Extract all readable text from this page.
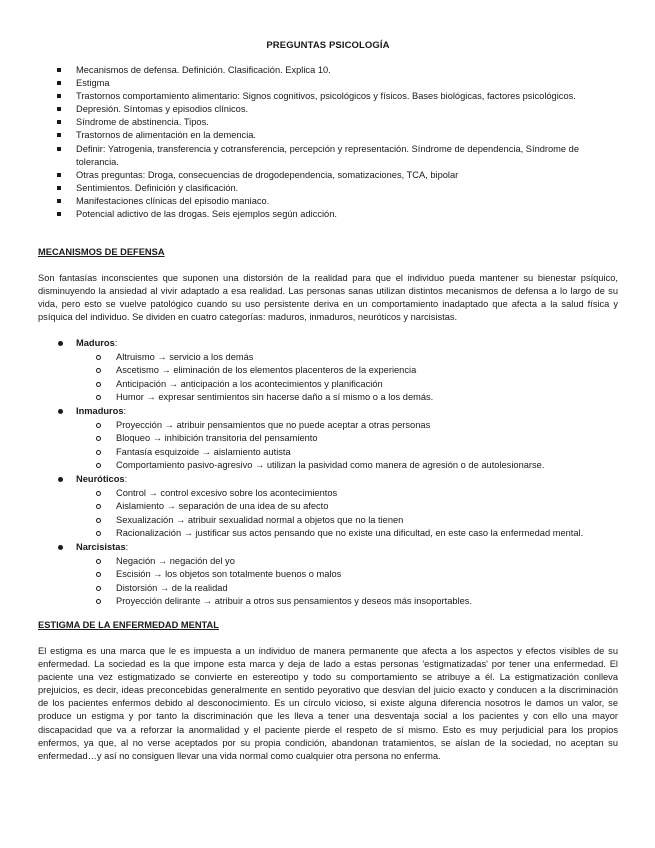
PREGUNTAS PSICOLOGÍA
Mecanismos de defensa. Definición. Clasificación. Explica 10.
Estigma
Trastornos comportamiento alimentario: Signos cognitivos, psicológicos y físicos. Bases biológicas, factores psicológicos.
Depresión. Síntomas y episodios clínicos.
Síndrome de abstinencia. Tipos.
Trastornos de alimentación en la demencia.
Definir: Yatrogenia, transferencia y cotransferencia, percepción y representación. Síndrome de dependencia, Síndrome de tolerancia.
Otras preguntas: Droga, consecuencias de drogodependencia, somatizaciones, TCA, bipolar
Sentimientos. Definición y clasificación.
Manifestaciones clínicas del episodio maniaco.
Potencial adictivo de las drogas. Seis ejemplos según adicción.
MECANISMOS DE DEFENSA
Son fantasías inconscientes que suponen una distorsión de la realidad para que el individuo pueda mantener su bienestar psíquico, disminuyendo la ansiedad al vivir adaptado a esa realidad. Las personas sanas utilizan distintos mecanismos de defensa a lo largo de su vida, pero esto se vuelve patológico cuando su uso persistente deriva en un comportamiento inadaptado que afecta a la salud física y psíquica del individuo. Se dividen en cuatro categorías: maduros, inmaduros, neuróticos y narcisistas.
Maduros:
Altruismo → servicio a los demás
Ascetismo → eliminación de los elementos placenteros de la experiencia
Anticipación → anticipación a los acontecimientos y planificación
Humor → expresar sentimientos sin hacerse daño a sí mismo o a los demás.
Inmaduros:
Proyección → atribuir pensamientos que no puede aceptar a otras personas
Bloqueo → inhibición transitoria del pensamiento
Fantasía esquizoide → aislamiento autista
Comportamiento pasivo-agresivo → utilizan la pasividad como manera de agresión o de autolesionarse.
Neuróticos:
Control → control excesivo sobre los acontecimientos
Aislamiento → separación de una idea de su afecto
Sexualización → atribuir sexualidad normal a objetos que no la tienen
Racionalización → justificar sus actos pensando que no existe una dificultad, en este caso la enfermedad mental.
Narcisistas:
Negación → negación del yo
Escisión → los objetos son totalmente buenos o malos
Distorsión → de la realidad
Proyección delirante → atribuir a otros sus pensamientos y deseos más insoportables.
ESTIGMA DE LA ENFERMEDAD MENTAL
El estigma es una marca que le es impuesta a un individuo de manera permanente que afecta a los aspectos y efectos visibles de su enfermedad. La sociedad es la que impone esta marca y deja de lado a estas personas 'estigmatizadas' por tener una enfermedad. El paciente una vez estigmatizado se convierte en estereotipo y todo su comportamiento se atribuye a él. La estigmatización conlleva prejuicios, es decir, ideas preconcebidas generalmente en sentido peyorativo que desvían del juicio exacto y conducen a la discriminación de los pacientes enfermos debido al desconocimiento. Es un círculo vicioso, si existe alguna diferencia nosotros le damos un valor, se produce un estigma y por tanto la discriminación que les lleva a tener una desventaja social a los pacientes y con ello una mayor discapacidad que va a reforzar la anormalidad y el paciente pierde el respeto de sí mismo. Esto es muy perjudicial para los propios enfermos, ya que, al no verse aceptados por su propia condición, abandonan tratamientos, se aíslan de la sociedad, no aceptan su enfermedad…y así no consiguen llevar una vida normal como cualquier otra persona no enferma.
